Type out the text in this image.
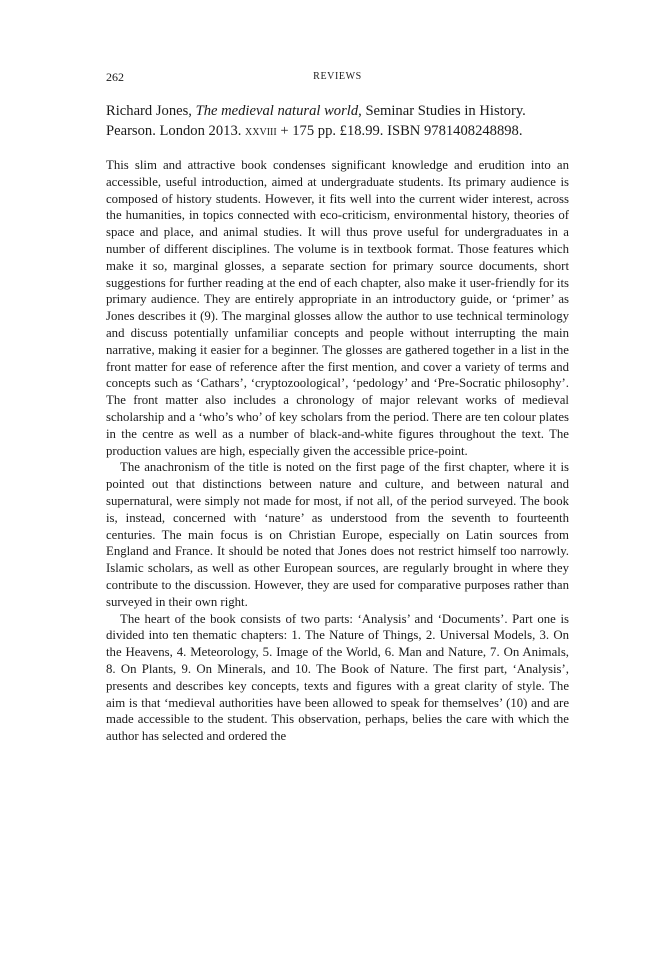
262	REVIEWS
Richard Jones, The medieval natural world, Seminar Studies in History.
Pearson. London 2013. xxviii + 175 pp. £18.99. ISBN 9781408248898.

This slim and attractive book condenses significant knowledge and erudition into an accessible, useful introduction, aimed at undergraduate students. Its primary audience is composed of history students. However, it fits well into the current wider interest, across the humanities, in topics connected with eco-criticism, environmental history, theories of space and place, and animal studies. It will thus prove useful for undergraduates in a number of different disciplines. The volume is in textbook format. Those features which make it so, marginal glosses, a separate section for primary source documents, short suggestions for further reading at the end of each chapter, also make it user-friendly for its primary audience. They are entirely appropriate in an introductory guide, or ‘primer’ as Jones describes it (9). The marginal glosses allow the author to use technical terminology and discuss potentially unfamiliar concepts and people without interrupting the main narrative, making it easier for a beginner. The glosses are gathered together in a list in the front matter for ease of reference after the first mention, and cover a variety of terms and concepts such as ‘Cathars’, ‘cryptozoological’, ‘pedology’ and ‘Pre-Socratic philosophy’. The front matter also includes a chronology of major relevant works of medieval scholarship and a ‘who’s who’ of key scholars from the period. There are ten colour plates in the centre as well as a number of black-and-white figures throughout the text. The production values are high, especially given the accessible price-point.

The anachronism of the title is noted on the first page of the first chapter, where it is pointed out that distinctions between nature and culture, and between natural and supernatural, were simply not made for most, if not all, of the period surveyed. The book is, instead, concerned with ‘nature’ as understood from the seventh to fourteenth centuries. The main focus is on Christian Europe, especially on Latin sources from England and France. It should be noted that Jones does not restrict himself too narrowly. Islamic scholars, as well as other European sources, are regularly brought in where they contribute to the discussion. However, they are used for comparative purposes rather than surveyed in their own right.

The heart of the book consists of two parts: ‘Analysis’ and ‘Documents’. Part one is divided into ten thematic chapters: 1. The Nature of Things, 2. Universal Models, 3. On the Heavens, 4. Meteorology, 5. Image of the World, 6. Man and Nature, 7. On Animals, 8. On Plants, 9. On Minerals, and 10. The Book of Nature. The first part, ‘Analysis’, presents and describes key concepts, texts and figures with a great clarity of style. The aim is that ‘medieval authorities have been allowed to speak for themselves’ (10) and are made accessible to the student. This observation, perhaps, belies the care with which the author has selected and ordered the
